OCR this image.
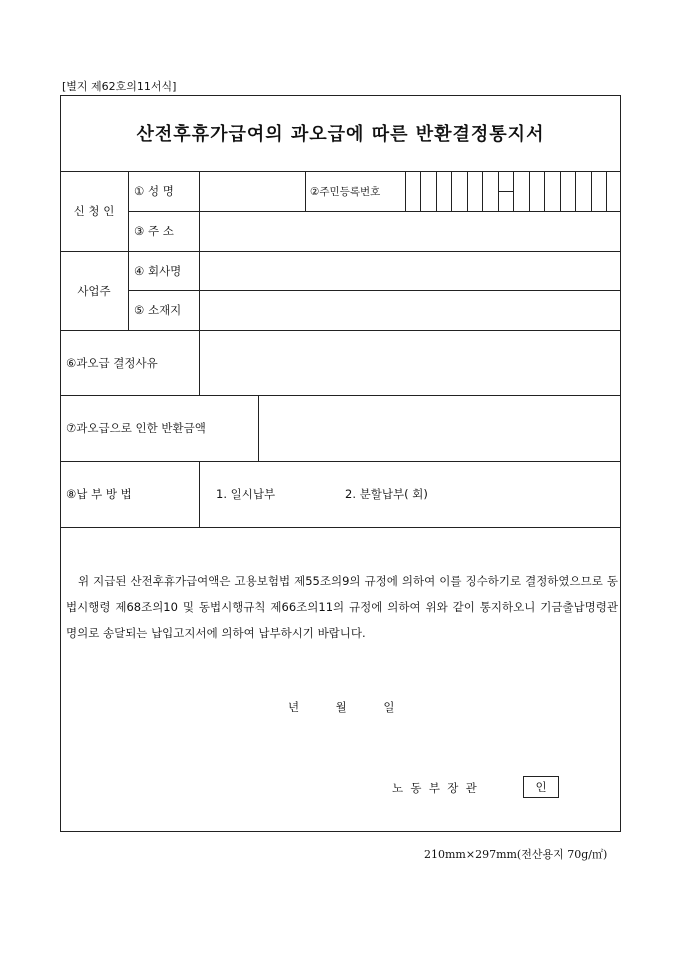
[별지 제62호의11서식]
산전후휴가급여의 과오급에 따른 반환결정통지서
신 청 인
① 성 명	②주민등록번호
③ 주 소
사업주
④ 회사명
⑤ 소재지
⑥과오급 결정사유
⑦과오급으로 인한 반환금액
⑧납 부 방 법	1. 일시납부	2. 분할납부( 회)
위 지급된 산전후휴가급여액은 고용보험법 제55조의9의 규정에 의하여 이를 징수하기로 결정하였으므로 동법시행령 제68조의10 및 동법시행규칙 제66조의11의 규정에 의하여 위와 같이 통지하오니 기금출납명령관 명의로 송달되는 납입고지서에 의하여 납부하시기 바랍니다.
년          월          일
노  동  부  장  관	인
210mm×297mm(전산용지 70g/㎡)
